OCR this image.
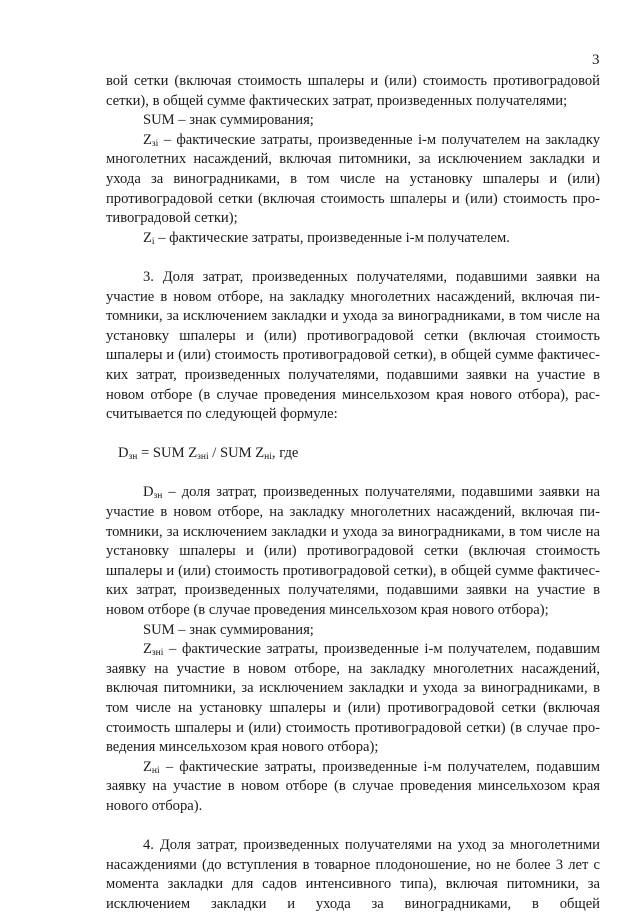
3

вой сетки (включая стоимость шпалеры и (или) стоимость противоградовой сетки), в общей сумме фактических затрат, произведенных получателями;

SUM – знак суммирования;

$Z_{зi}$ – фактические затраты, произведенные i-м получателем на закладку многолетних насаждений, включая питомники, за исключением закладки и ухода за виноградниками, в том числе на установку шпалеры и (или) противоградовой сетки (включая стоимость шпалеры и (или) стоимость противоградовой сетки);

$Z_i$ – фактические затраты, произведенные i-м получателем.

3. Доля затрат, произведенных получателями, подавшими заявки на участие в новом отборе, на закладку многолетних насаждений, включая питомники, за исключением закладки и ухода за виноградниками, в том числе на установку шпалеры и (или) противоградовой сетки (включая стоимость шпалеры и (или) стоимость противоградовой сетки), в общей сумме фактических затрат, произведенных получателями, подавшими заявки на участие в новом отборе (в случае проведения минсельхозом края нового отбора), рассчитывается по следующей формуле:

$D_{зн}$ = SUM $Z_{знi}$ / SUM $Z_{нi}$, где

$D_{зн}$ – доля затрат, произведенных получателями, подавшими заявки на участие в новом отборе, на закладку многолетних насаждений, включая питомники, за исключением закладки и ухода за виноградниками, в том числе на установку шпалеры и (или) противоградовой сетки (включая стоимость шпалеры и (или) стоимость противоградовой сетки), в общей сумме фактических затрат, произведенных получателями, подавшими заявки на участие в новом отборе (в случае проведения минсельхозом края нового отбора);

SUM – знак суммирования;

$Z_{знi}$ – фактические затраты, произведенные i-м получателем, подавшим заявку на участие в новом отборе, на закладку многолетних насаждений, включая питомники, за исключением закладки и ухода за виноградниками, в том числе на установку шпалеры и (или) противоградовой сетки (включая стоимость шпалеры и (или) стоимость противоградовой сетки) (в случае проведения минсельхозом края нового отбора);

$Z_{нi}$ – фактические затраты, произведенные i-м получателем, подавшим заявку на участие в новом отборе (в случае проведения минсельхозом края нового отбора).

4. Доля затрат, произведенных получателями на уход за многолетними насаждениями (до вступления в товарное плодоношение, но не более 3 лет с момента закладки для садов интенсивного типа), включая питомники, за исключением закладки и ухода за виноградниками, в общей
